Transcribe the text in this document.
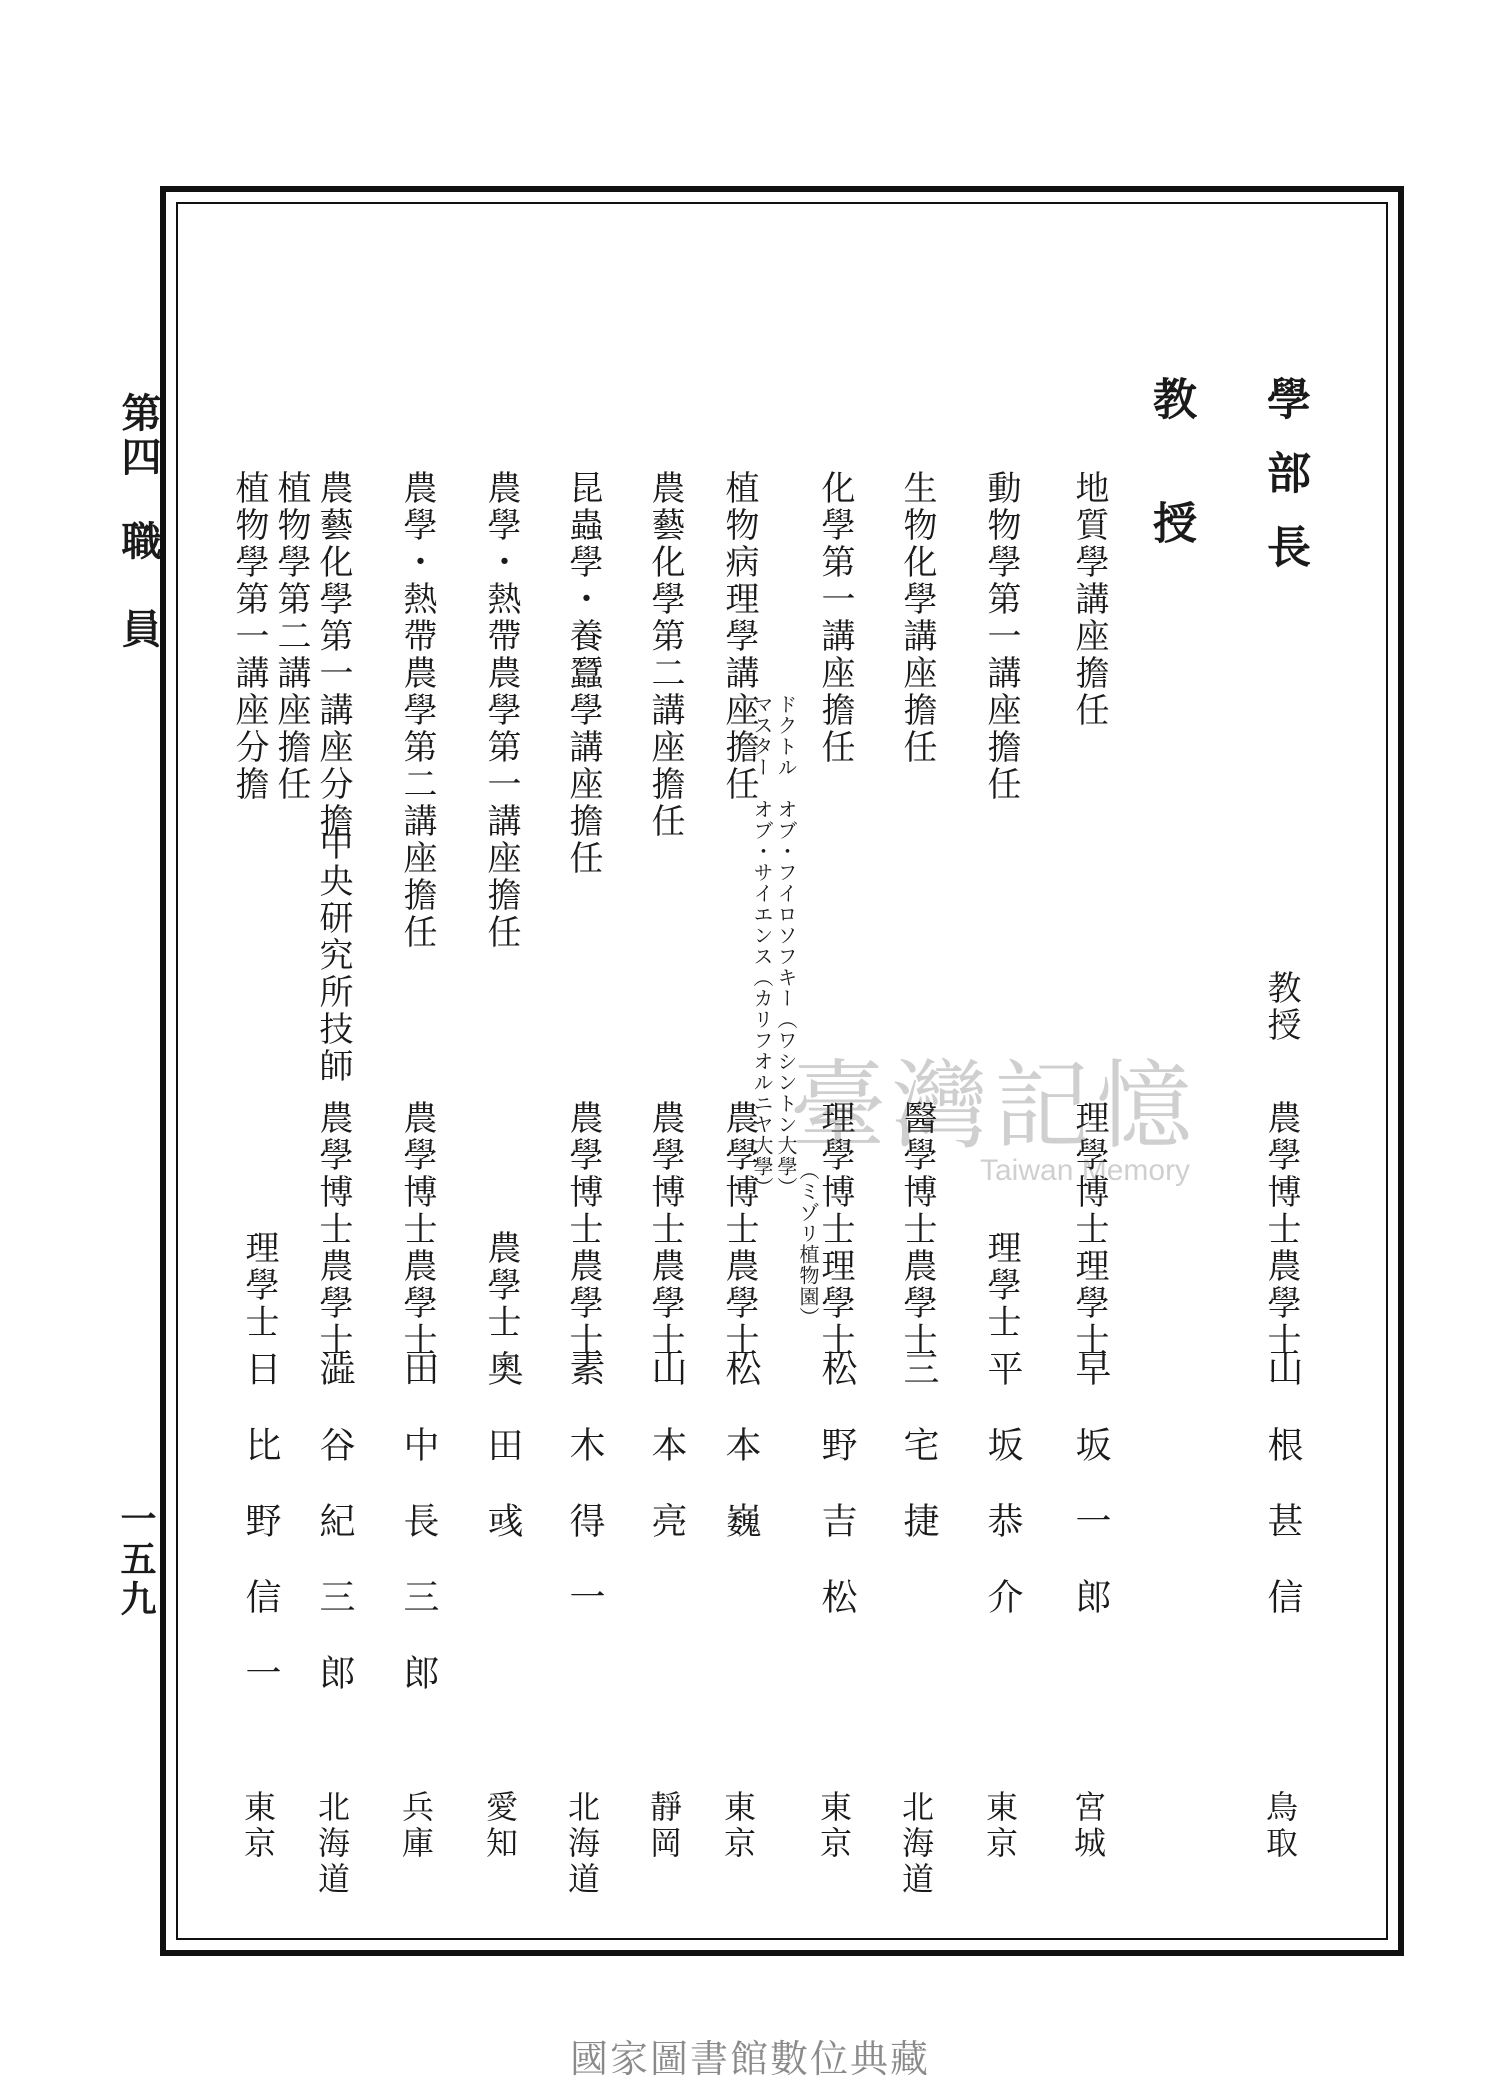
第四
職　員
一五九
學部長
教授
教授
農學博士農學士
山根甚信
鳥取
地質學講座擔任
理學博士理學士
早坂一郎
宮城
動物學第一講座擔任
理學士
平坂恭介
東京
生物化學講座擔任
醫學博士農學士
三宅捷
北海道
化學第一講座擔任
理學博士理學士
松野吉松
東京
ドクトル　オブ・フイロソフキー（ワシントン大學）
マスター　オブ・サイエンス（カリフオルニヤ大學）
（ミゾリ植物園）
植物病理學講座擔任
農學博士農學士
松本巍
東京
農藝化學第二講座擔任
農學博士農學士
山本亮
靜岡
昆蟲學・養蠶學講座擔任
農學博士農學士
素木得一
北海道
農學・熱帶農學第一講座擔任
農學士
奧田彧
愛知
農學・熱帶農學第二講座擔任
農學博士農學士
田中長三郎
兵庫
農藝化學第一講座分擔
中央研究所技師
農學博士農學士
澁谷紀三郎
北海道
植物學第二講座擔任
植物學第一講座分擔
理學士
日比野信一
東京
臺灣記憶
Taiwan Memory
國家圖書館數位典藏
